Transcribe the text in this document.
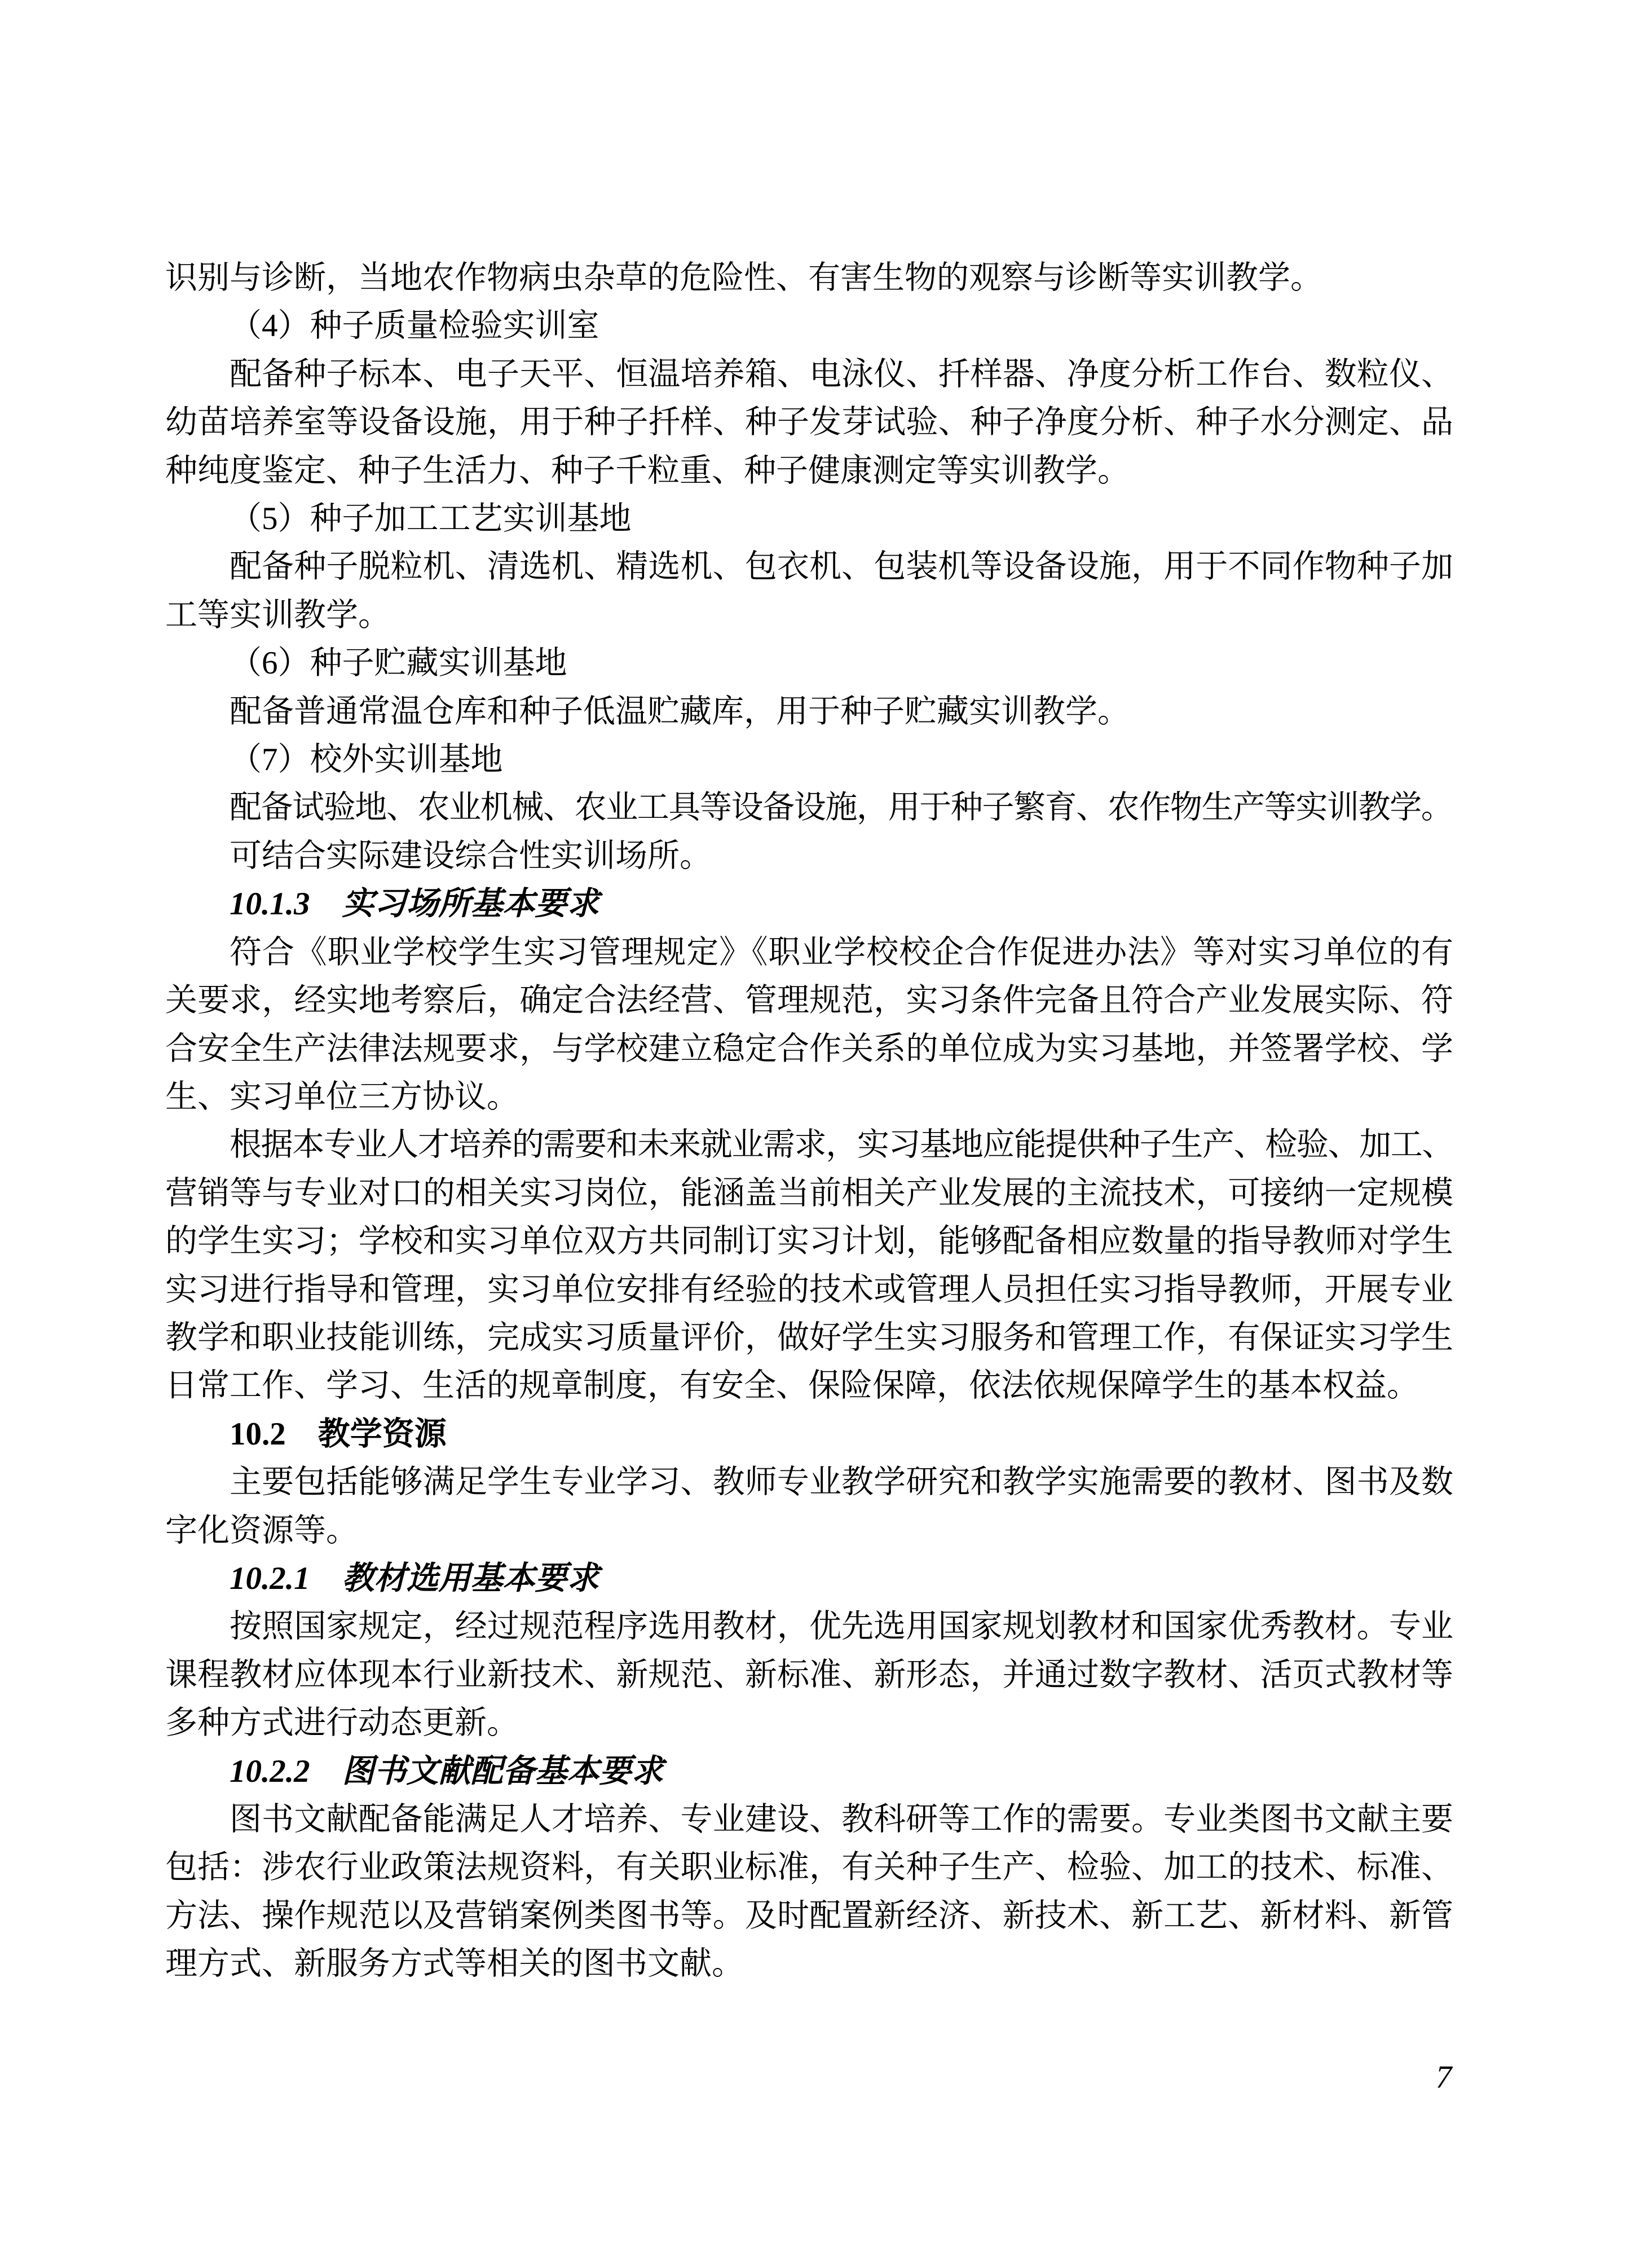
识别与诊断，当地农作物病虫杂草的危险性、有害生物的观察与诊断等实训教学。
（4）种子质量检验实训室
配备种子标本、电子天平、恒温培养箱、电泳仪、扦样器、净度分析工作台、数粒仪、
幼苗培养室等设备设施，用于种子扦样、种子发芽试验、种子净度分析、种子水分测定、品
种纯度鉴定、种子生活力、种子千粒重、种子健康测定等实训教学。
（5）种子加工工艺实训基地
配备种子脱粒机、清选机、精选机、包衣机、包装机等设备设施，用于不同作物种子加
工等实训教学。
（6）种子贮藏实训基地
配备普通常温仓库和种子低温贮藏库，用于种子贮藏实训教学。
（7）校外实训基地
配备试验地、农业机械、农业工具等设备设施，用于种子繁育、农作物生产等实训教学。
可结合实际建设综合性实训场所。
10.1.3　实习场所基本要求
符合《职业学校学生实习管理规定》《职业学校校企合作促进办法》等对实习单位的有
关要求，经实地考察后，确定合法经营、管理规范，实习条件完备且符合产业发展实际、符
合安全生产法律法规要求，与学校建立稳定合作关系的单位成为实习基地，并签署学校、学
生、实习单位三方协议。
根据本专业人才培养的需要和未来就业需求，实习基地应能提供种子生产、检验、加工、
营销等与专业对口的相关实习岗位，能涵盖当前相关产业发展的主流技术，可接纳一定规模
的学生实习；学校和实习单位双方共同制订实习计划，能够配备相应数量的指导教师对学生
实习进行指导和管理，实习单位安排有经验的技术或管理人员担任实习指导教师，开展专业
教学和职业技能训练，完成实习质量评价，做好学生实习服务和管理工作，有保证实习学生
日常工作、学习、生活的规章制度，有安全、保险保障，依法依规保障学生的基本权益。
10.2　教学资源
主要包括能够满足学生专业学习、教师专业教学研究和教学实施需要的教材、图书及数
字化资源等。
10.2.1　教材选用基本要求
按照国家规定，经过规范程序选用教材，优先选用国家规划教材和国家优秀教材。专业
课程教材应体现本行业新技术、新规范、新标准、新形态，并通过数字教材、活页式教材等
多种方式进行动态更新。
10.2.2　图书文献配备基本要求
图书文献配备能满足人才培养、专业建设、教科研等工作的需要。专业类图书文献主要
包括：涉农行业政策法规资料，有关职业标准，有关种子生产、检验、加工的技术、标准、
方法、操作规范以及营销案例类图书等。及时配置新经济、新技术、新工艺、新材料、新管
理方式、新服务方式等相关的图书文献。
7
